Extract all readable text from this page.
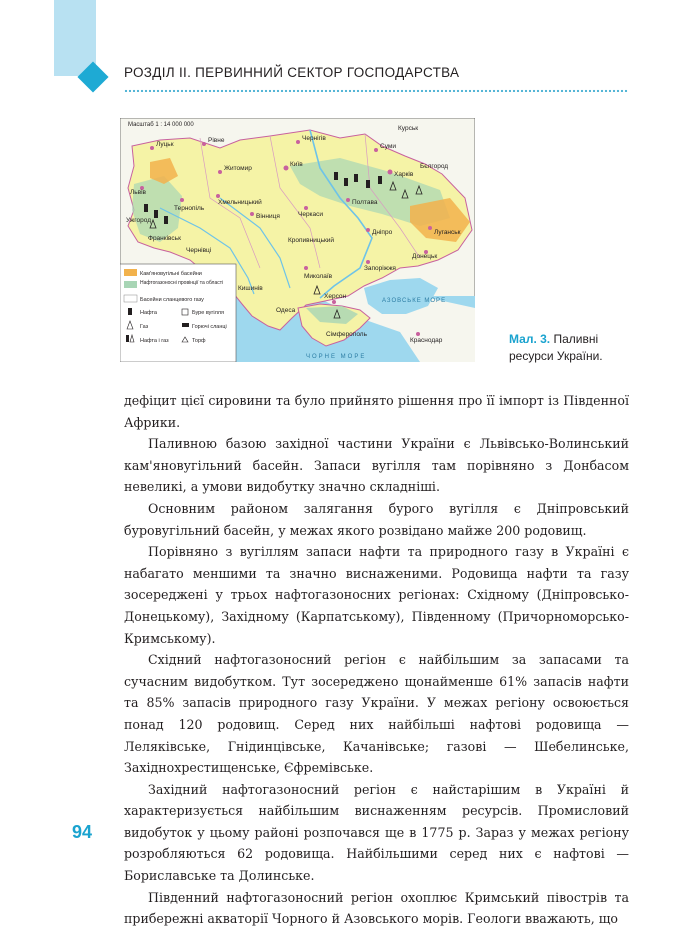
РОЗДІЛ ІІ. ПЕРВИННИЙ СЕКТОР ГОСПОДАРСТВА
Масштаб 1 : 14 000 000
Луцьк
Рівне	Чернігів
Курськ
Суми
Бєлгород
Житомир
Київ
Харків
Львів
Тернопіль
Хмельницький
Вінниця
Полтава
Черкаси
Ужгород
Франківськ
Чернівці
Кропивницький
Дніпро	Луганськ
Донецьк
Миколаїв
Запоріжжя
Кишинів
Херсон
Одеса
Сімферополь
Краснодар
АЗОВСЬКЕ МОРЕ
ЧОРНЕ МОРЕ
Кам'яновугільні басейни
Нафтогазоносні провінції та області
Басейни сланцевого газу
Нафта	Буре вугілля
Газ	Горючі сланці
Нафта і газ	Торф	Мал. 3. Паливні ресурси України.

дефіцит цієї сировини та було прийнято рішення про її імпорт із Південної Африки.

Паливною базою західної частини України є Львівсько-Волинський кам'яновугільний басейн. Запаси вугілля там порівняно з Донбасом невеликі, а умови видобутку значно складніші.

Основним районом залягання бурого вугілля є Дніпровський буровугільний басейн, у межах якого розвідано майже 200 родовищ.

Порівняно з вугіллям запаси нафти та природного газу в Україні є набагато меншими та значно виснаженими. Родовища нафти та газу зосереджені у трьох нафтогазоносних регіонах: Східному (Дніпровсько-Донецькому), Західному (Карпатському), Південному (Причорноморсько-Кримському).

Східний нафтогазоносний регіон є найбільшим за запасами та сучасним видобутком. Тут зосереджено щонайменше 61% запасів нафти та 85% запасів природного газу України. У межах регіону освоюється понад 120 родовищ. Серед них найбільші нафтові родовища — Леляківське, Гнідинцівське, Качанівське; газові — Шебелинське, Західнохрестищенське, Єфремівське.

Західний нафтогазоносний регіон є найстарішим в Україні й характеризується найбільшим виснаженням ресурсів. Промисловий видобуток у цьому районі розпочався ще в 1775 р. Зараз у межах регіону розробляються 62 родовища. Найбільшими серед них є нафтові — Бориславське та Долинське.

Південний нафтогазоносний регіон охоплює Кримський півострів та прибережні акваторії Чорного й Азовського морів. Геологи вважають, що

94
